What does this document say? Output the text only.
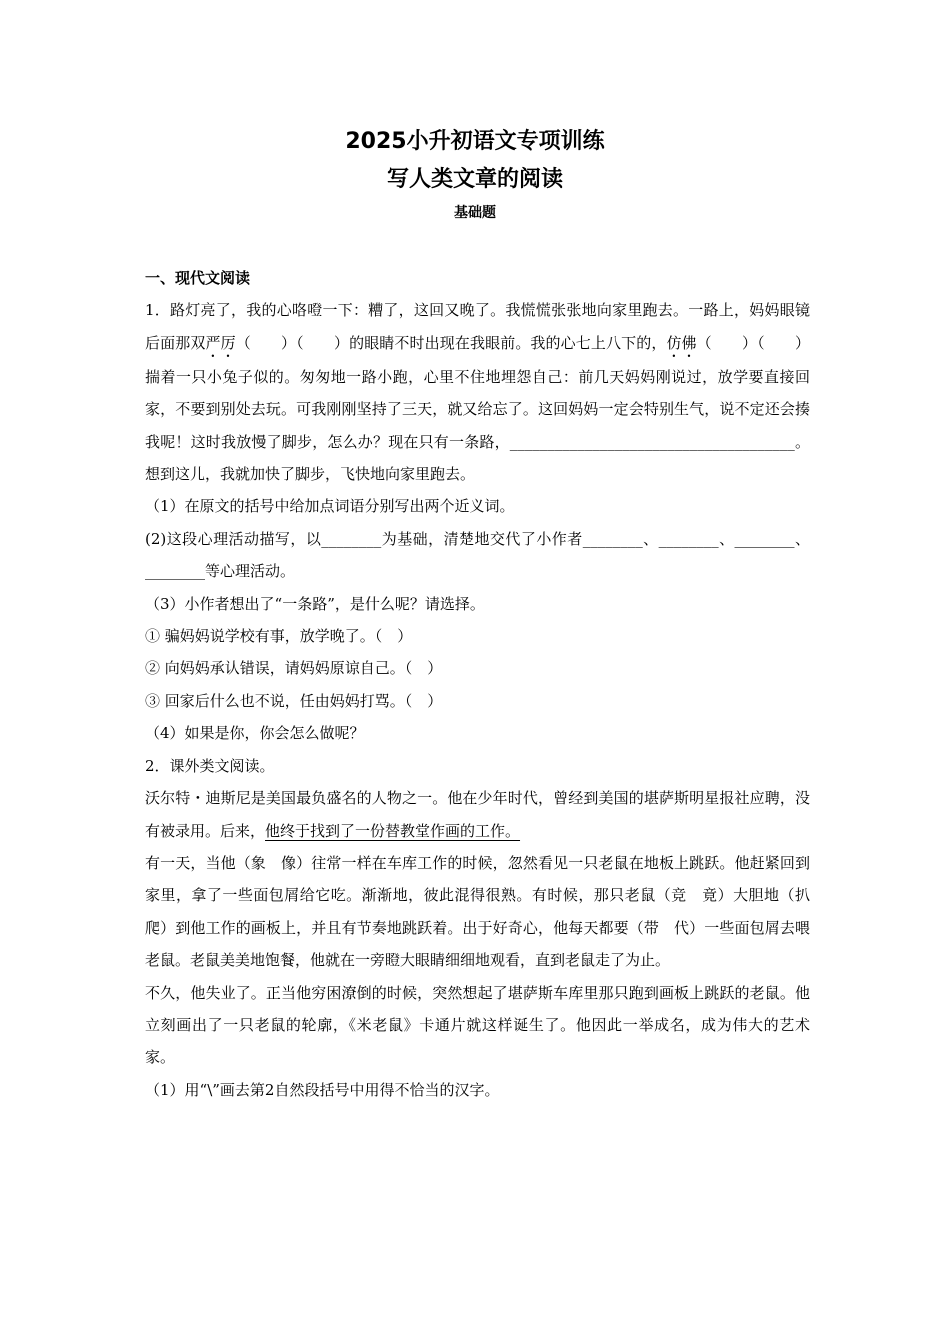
2025小升初语文专项训练
写人类文章的阅读
基础题

一、现代文阅读

1．路灯亮了，我的心咯噔一下：糟了，这回又晚了。我慌慌张张地向家里跑去。一路上，妈妈眼镜后面那双严厉（　　）（　　）的眼睛不时出现在我眼前。我的心七上八下的，仿佛（　　）（　　）揣着一只小兔子似的。匆匆地一路小跑，心里不住地埋怨自己：前几天妈妈刚说过，放学要直接回家，不要到别处去玩。可我刚刚坚持了三天，就又给忘了。这回妈妈一定会特别生气，说不定还会揍我呢！这时我放慢了脚步，怎么办？现在只有一条路，______________________________________。想到这儿，我就加快了脚步，飞快地向家里跑去。

（1）在原文的括号中给加点词语分别写出两个近义词。

(2)这段心理活动描写，以________为基础，清楚地交代了小作者________、________、________、________等心理活动。

（3）小作者想出了“一条路”，是什么呢？请选择。

① 骗妈妈说学校有事，放学晚了。（　）

② 向妈妈承认错误，请妈妈原谅自己。（　）

③ 回家后什么也不说，任由妈妈打骂。（　）

（4）如果是你，你会怎么做呢？

2．课外类文阅读。

沃尔特・迪斯尼是美国最负盛名的人物之一。他在少年时代，曾经到美国的堪萨斯明星报社应聘，没有被录用。后来，他终于找到了一份替教堂作画的工作。

有一天，当他（象　像）往常一样在车库工作的时候，忽然看见一只老鼠在地板上跳跃。他赶紧回到家里，拿了一些面包屑给它吃。渐渐地，彼此混得很熟。有时候，那只老鼠（竞　竟）大胆地（扒　爬）到他工作的画板上，并且有节奏地跳跃着。出于好奇心，他每天都要（带　代）一些面包屑去喂老鼠。老鼠美美地饱餐，他就在一旁瞪大眼睛细细地观看，直到老鼠走了为止。

不久，他失业了。正当他穷困潦倒的时候，突然想起了堪萨斯车库里那只跑到画板上跳跃的老鼠。他立刻画出了一只老鼠的轮廓，《米老鼠》卡通片就这样诞生了。他因此一举成名，成为伟大的艺术家。

（1）用“\”画去第2自然段括号中用得不恰当的汉字。
